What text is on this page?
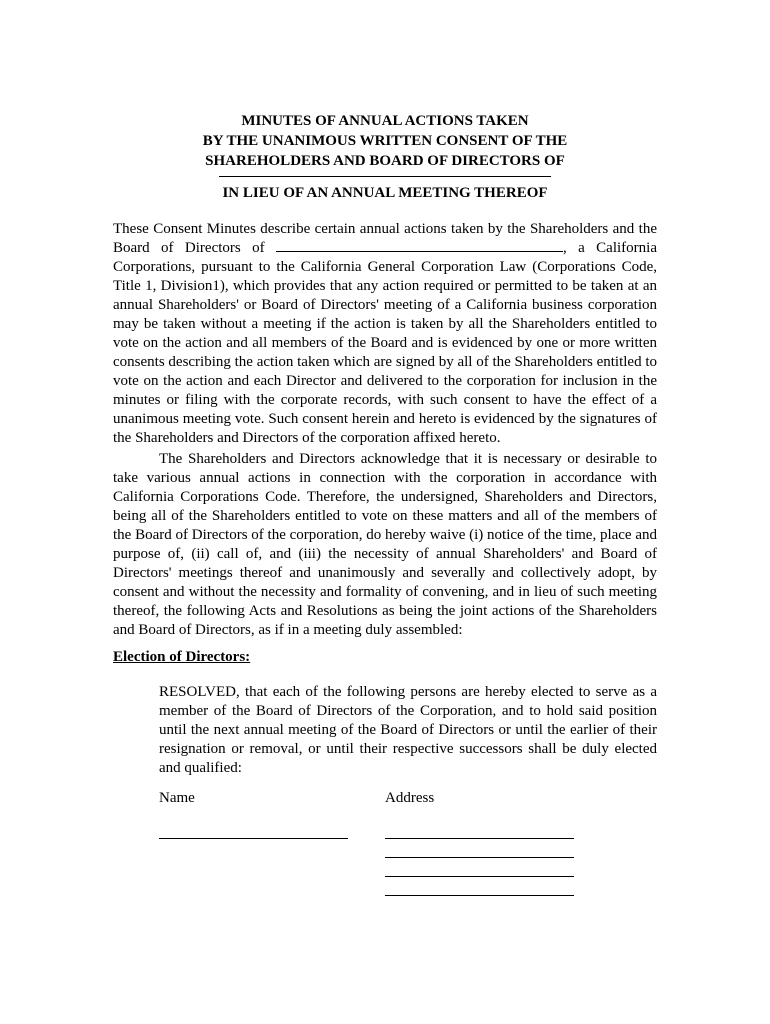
MINUTES OF ANNUAL ACTIONS TAKEN
BY THE UNANIMOUS WRITTEN CONSENT OF THE
SHAREHOLDERS AND BOARD OF DIRECTORS OF
IN LIEU OF AN ANNUAL MEETING THEREOF

These Consent Minutes describe certain annual actions taken by the Shareholders and the Board of Directors of	, a California Corporations, pursuant to the California General Corporation Law (Corporations Code, Title 1, Division1), which provides that any action required or permitted to be taken at an annual Shareholders' or Board of Directors' meeting of a California business corporation may be taken without a meeting if the action is taken by all the Shareholders entitled to vote on the action and all members of the Board and is evidenced by one or more written consents describing the action taken which are signed by all of the Shareholders entitled to vote on the action and each Director and delivered to the corporation for inclusion in the minutes or filing with the corporate records, with such consent to have the effect of a unanimous meeting vote. Such consent herein and hereto is evidenced by the signatures of the Shareholders and Directors of the corporation affixed hereto.

The Shareholders and Directors acknowledge that it is necessary or desirable to take various annual actions in connection with the corporation in accordance with California Corporations Code. Therefore, the undersigned, Shareholders and Directors, being all of the Shareholders entitled to vote on these matters and all of the members of the Board of Directors of the corporation, do hereby waive (i) notice of the time, place and purpose of, (ii) call of, and (iii) the necessity of annual Shareholders' and Board of Directors' meetings thereof and unanimously and severally and collectively adopt, by consent and without the necessity and formality of convening, and in lieu of such meeting thereof, the following Acts and Resolutions as being the joint actions of the Shareholders and Board of Directors, as if in a meeting duly assembled:

Election of Directors:

RESOLVED, that each of the following persons are hereby elected to serve as a member of the Board of Directors of the Corporation, and to hold said position until the next annual meeting of the Board of Directors or until the earlier of their resignation or removal, or until their respective successors shall be duly elected and qualified:

Name	Address
